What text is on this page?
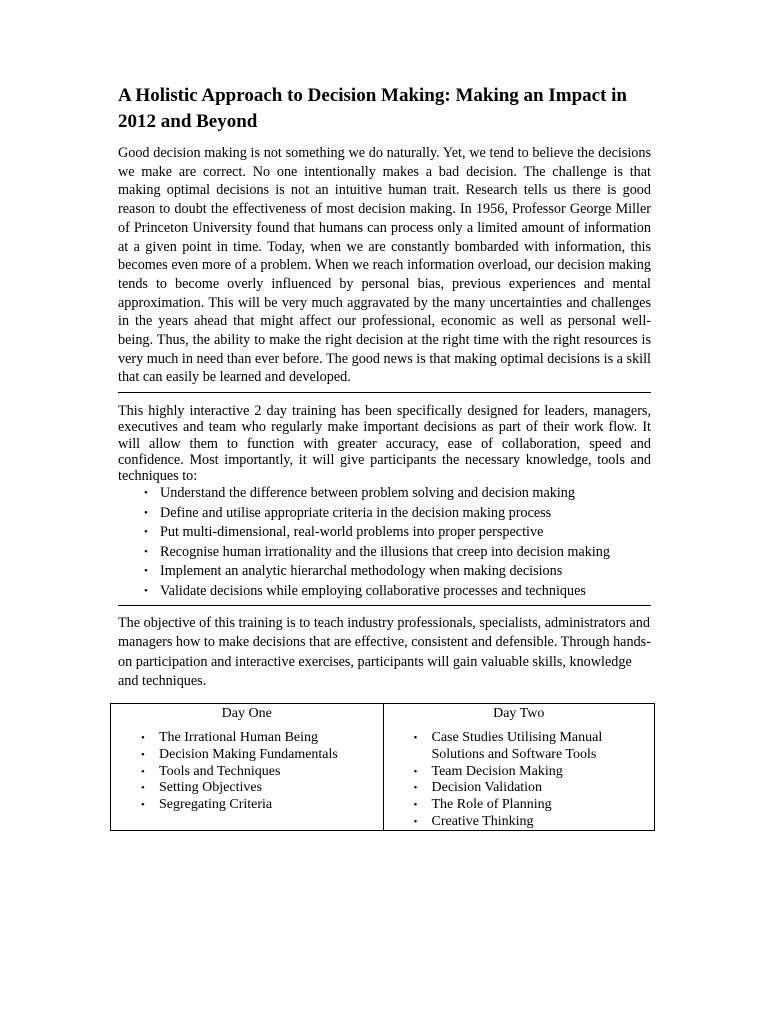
A Holistic Approach to Decision Making: Making an Impact in 2012 and Beyond

Good decision making is not something we do naturally. Yet, we tend to believe the decisions we make are correct. No one intentionally makes a bad decision. The challenge is that making optimal decisions is not an intuitive human trait. Research tells us there is good reason to doubt the effectiveness of most decision making. In 1956, Professor George Miller of Princeton University found that humans can process only a limited amount of information at a given point in time. Today, when we are constantly bombarded with information, this becomes even more of a problem. When we reach information overload, our decision making tends to become overly influenced by personal bias, previous experiences and mental approximation. This will be very much aggravated by the many uncertainties and challenges in the years ahead that might affect our professional, economic as well as personal well-being. Thus, the ability to make the right decision at the right time with the right resources is very much in need than ever before. The good news is that making optimal decisions is a skill that can easily be learned and developed.

This highly interactive 2 day training has been specifically designed for leaders, managers, executives and team who regularly make important decisions as part of their work flow. It will allow them to function with greater accuracy, ease of collaboration, speed and confidence. Most importantly, it will give participants the necessary knowledge, tools and techniques to:

• Understand the difference between problem solving and decision making
• Define and utilise appropriate criteria in the decision making process
• Put multi-dimensional, real-world problems into proper perspective
• Recognise human irrationality and the illusions that creep into decision making
• Implement an analytic hierarchal methodology when making decisions
• Validate decisions while employing collaborative processes and techniques

The objective of this training is to teach industry professionals, specialists, administrators and managers how to make decisions that are effective, consistent and defensible. Through hands-on participation and interactive exercises, participants will gain valuable skills, knowledge and techniques.

Day One
• The Irrational Human Being
• Decision Making Fundamentals
• Tools and Techniques
• Setting Objectives
• Segregating Criteria
Day Two
• Case Studies Utilising Manual Solutions and Software Tools
• Team Decision Making
• Decision Validation
• The Role of Planning
• Creative Thinking
